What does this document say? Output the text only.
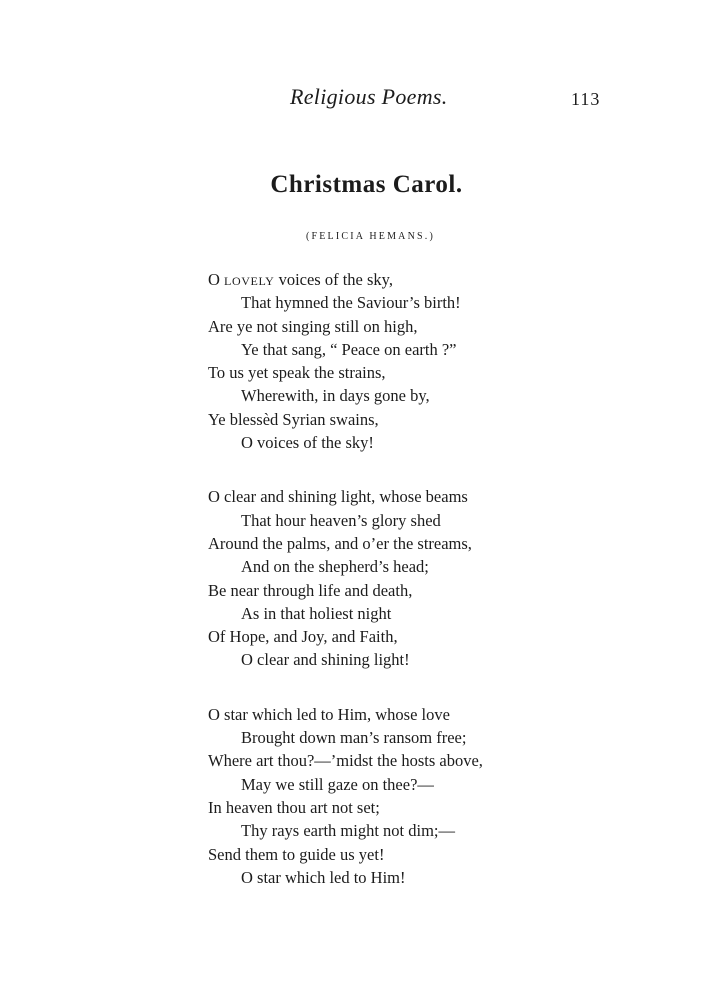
Religious Poems.	113
Christmas Carol.
(FELICIA HEMANS.)
O lovely voices of the sky,
That hymned the Saviour’s birth!
Are ye not singing still on high,
Ye that sang, “ Peace on earth ?”
To us yet speak the strains,
Wherewith, in days gone by,
Ye blessèd Syrian swains,
O voices of the sky!
O clear and shining light, whose beams
That hour heaven’s glory shed
Around the palms, and o’er the streams,
And on the shepherd’s head;
Be near through life and death,
As in that holiest night
Of Hope, and Joy, and Faith,
O clear and shining light!
O star which led to Him, whose love
Brought down man’s ransom free;
Where art thou?—’midst the hosts above,
May we still gaze on thee?—
In heaven thou art not set;
Thy rays earth might not dim;—
Send them to guide us yet!
O star which led to Him!
